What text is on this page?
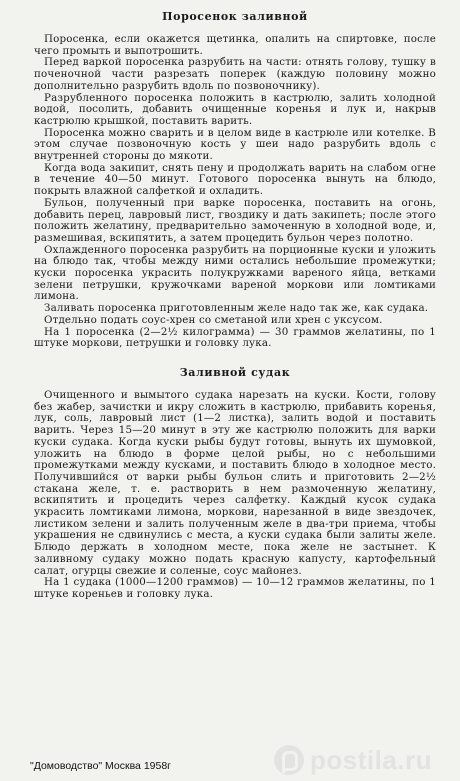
Поросенок заливной

Поросенка, если окажется щетинка, опалить на спиртовке, после чего промыть и выпотрошить.

Перед варкой поросенка разрубить на части: отнять голову, тушку в поченочной части разрезать поперек (каждую половину можно дополнительно разрубить вдоль по позвоночнику).

Разрубленного поросенка положить в кастрюлю, залить холодной водой, посолить, добавить очищенные коренья и лук и, накрыв кастрюлю крышкой, поставить варить.

Поросенка можно сварить и в целом виде в кастрюле или котелке. В этом случае позвоночную кость у шеи надо разрубить вдоль с внутренней стороны до мякоти.

Когда вода закипит, снять пену и продолжать варить на слабом огне в течение 40—50 минут. Готового поросенка вынуть на блюдо, покрыть влажной салфеткой и охладить.

Бульон, полученный при варке поросенка, поставить на огонь, добавить перец, лавровый лист, гвоздику и дать закипеть; после этого положить желатину, предварительно замоченную в холодной воде, и, размешивая, вскипятить, а затем процедить бульон через полотно.

Охлажденного поросенка разрубить на порционные куски и уложить на блюдо так, чтобы между ними остались небольшие промежутки; куски поросенка украсить полукружками вареного яйца, ветками зелени петрушки, кружочками вареной моркови или ломтиками лимона.

Заливать поросенка приготовленным желе надо так же, как судака.

Отдельно подать соус-хрен со сметаной или хрен с уксусом.

На 1 поросенка (2—2½ килограмма) — 30 граммов желатины, по 1 штуке моркови, петрушки и головку лука.

Заливной судак

Очищенного и вымытого судака нарезать на куски. Кости, голову без жабер, зачистки и икру сложить в кастрюлю, прибавить коренья, лук, соль, лавровый лист (1—2 листка), залить водой и поставить варить. Через 15—20 минут в эту же кастрюлю положить для варки куски судака. Когда куски рыбы будут готовы, вынуть их шумовкой, уложить на блюдо в форме целой рыбы, но с небольшими промежутками между кусками, и поставить блюдо в холодное место. Получившийся от варки рыбы бульон слить и приготовить 2—2½ стакана желе, т. е. растворить в нем размоченную желатину, вскипятить и процедить через салфетку. Каждый кусок судака украсить ломтиками лимона, моркови, нарезанной в виде звездочек, листиком зелени и залить полученным желе в два-три приема, чтобы украшения не сдвинулись с места, а куски судака были залиты желе. Блюдо держать в холодном месте, пока желе не застынет. К заливному судаку можно подать красную капусту, картофельный салат, огурцы свежие и соленые, соус майонез.

На 1 судака (1000—1200 граммов) — 10—12 граммов желатины, по 1 штуке кореньев и головку лука.

"Домоводство" Москва 1958г	postila.ru
